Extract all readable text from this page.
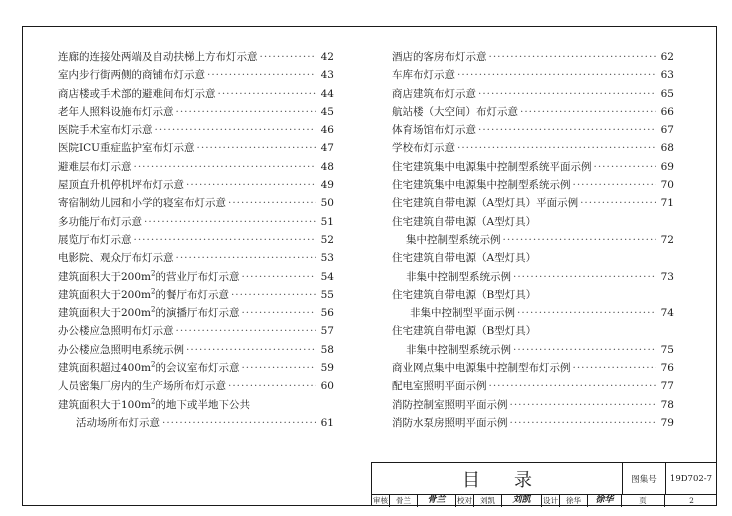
连廊的连接处两端及自动扶梯上方布灯示意 ·····	42
室内步行街两侧的商铺布灯示意 ·····	43
商店楼或手术部的避难间布灯示意 ·····	44
老年人照料设施布灯示意 ·····	45
医院手术室布灯示意 ·····	46
医院ICU重症监护室布灯示意 ·····	47
避难层布灯示意 ·····	48
屋顶直升机停机坪布灯示意 ·····	49
寄宿制幼儿园和小学的寝室布灯示意 ·····	50
多功能厅布灯示意 ·····	51
展览厅布灯示意 ·····	52
电影院、观众厅布灯示意 ·····	53
建筑面积大于$200m^2$的营业厅布灯示意 ·····	54
建筑面积大于$200m^2$的餐厅布灯示意 ·····	55
建筑面积大于$200m^2$的演播厅布灯示意 ·····	56
办公楼应急照明布灯示意 ·····	57
办公楼应急照明电系统示例 ·····	58
建筑面积超过$400m^2$的会议室布灯示意 ·····	59
人员密集厂房内的生产场所布灯示意 ·····	60
建筑面积大于$100m^2$的地下或半地下公共
活动场所布灯示意 ·····	61
酒店的客房布灯示意 ·····	62
车库布灯示意 ·····	63
商店建筑布灯示意 ·····	65
航站楼（大空间）布灯示意 ·····	66
体育场馆布灯示意 ·····	67
学校布灯示意 ·····	68
住宅建筑集中电源集中控制型系统平面示例 ·····	69
住宅建筑集中电源集中控制型系统示例 ·····	70
住宅建筑自带电源（A型灯具）平面示例 ·····	71
住宅建筑自带电源（A型灯具）
集中控制型系统示例 ·····	72
住宅建筑自带电源（A型灯具）
非集中控制型系统示例 ·····	73
住宅建筑自带电源（B型灯具）
非集中控制型平面示例 ·····	74
住宅建筑自带电源（B型灯具）
非集中控制型系统示例 ·····	75
商业网点集中电源集中控制型布灯示例 ·····	76
配电室照明平面示例 ·····	77
消防控制室照明平面示例 ·····	78
消防水泵房照明平面示例 ·····	79
目 录	图集号	19D702-7
审核	骨兰	骨兰	校对	刘凯	刘凯	设计	徐华	徐华	页	2
